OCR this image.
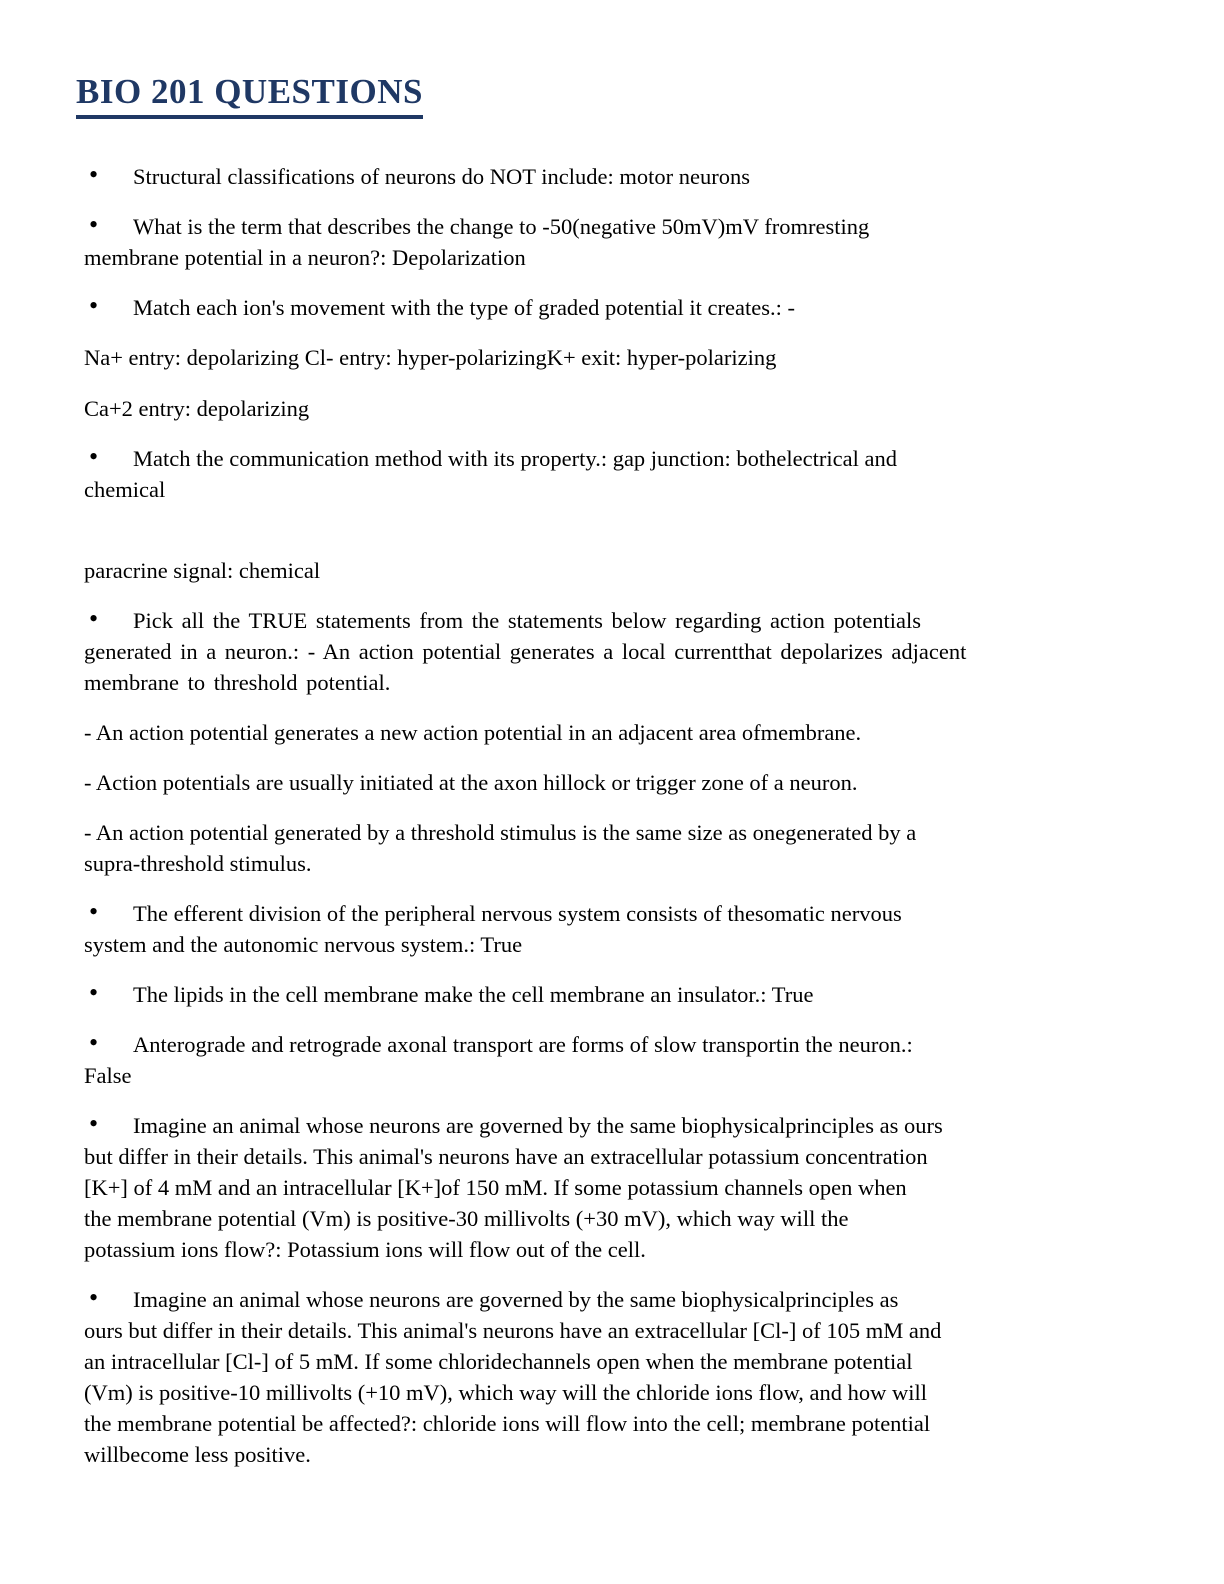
BIO 201 QUESTIONS

• Structural classifications of neurons do NOT include: motor neurons

• What is the term that describes the change to -50(negative 50mV)mV fromresting
membrane potential in a neuron?: Depolarization

• Match each ion's movement with the type of graded potential it creates.: -

Na+ entry: depolarizing Cl- entry: hyper-polarizingK+ exit: hyper-polarizing

Ca+2 entry: depolarizing

• Match the communication method with its property.: gap junction: bothelectrical and
chemical

paracrine signal: chemical

• Pick all the TRUE statements from the statements below regarding action potentials
generated in a neuron.: - An action potential generates a local currentthat depolarizes adjacent
membrane to threshold potential.

- An action potential generates a new action potential in an adjacent area ofmembrane.

- Action potentials are usually initiated at the axon hillock or trigger zone of a neuron.

- An action potential generated by a threshold stimulus is the same size as onegenerated by a
supra-threshold stimulus.

• The efferent division of the peripheral nervous system consists of thesomatic nervous
system and the autonomic nervous system.: True

• The lipids in the cell membrane make the cell membrane an insulator.: True

• Anterograde and retrograde axonal transport are forms of slow transportin the neuron.:
False

• Imagine an animal whose neurons are governed by the same biophysicalprinciples as ours
but differ in their details. This animal's neurons have an extracellular potassium concentration
[K+] of 4 mM and an intracellular [K+]of 150 mM. If some potassium channels open when
the membrane potential (Vm) is positive-30 millivolts (+30 mV), which way will the
potassium ions flow?: Potassium ions will flow out of the cell.

• Imagine an animal whose neurons are governed by the same biophysicalprinciples as
ours but differ in their details. This animal's neurons have an extracellular [Cl-] of 105 mM and
an intracellular [Cl-] of 5 mM. If some chloridechannels open when the membrane potential
(Vm) is positive-10 millivolts (+10 mV), which way will the chloride ions flow, and how will
the membrane potential be affected?: chloride ions will flow into the cell; membrane potential
willbecome less positive.
